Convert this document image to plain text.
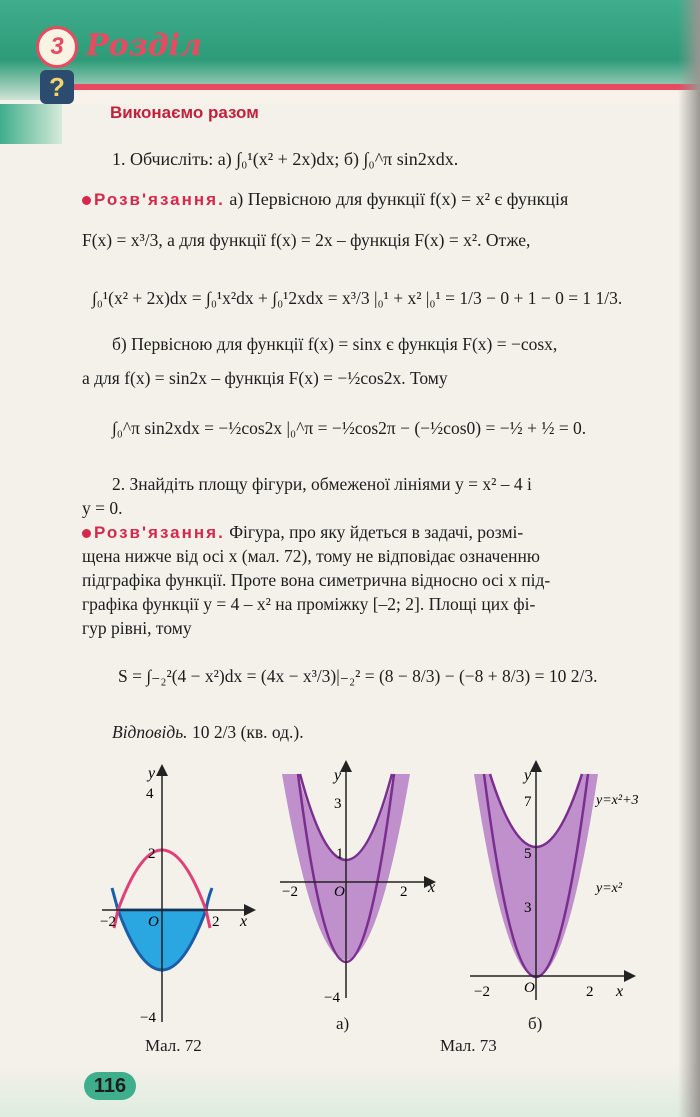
3 Розділ
?
Виконаємо разом
1. Обчисліть: а) ∫₀¹(x² + 2x)dx; б) ∫₀^π sin2xdx.
Розв'язання. а) Первісною для функції f(x) = x² є функція
F(x) = x³/3, а для функції f(x) = 2x – функція F(x) = x². Отже,
∫₀¹(x² + 2x)dx = ∫₀¹x²dx + ∫₀¹2xdx = x³/3 |₀¹ + x² |₀¹ = 1/3 − 0 + 1 − 0 = 1 1/3.
б) Первісною для функції f(x) = sinx є функція F(x) = −cosx,
а для f(x) = sin2x – функція F(x) = −½cos2x. Тому
∫₀^π sin2xdx = −½cos2x |₀^π = −½cos2π − (−½cos0) = −½ + ½ = 0.
2. Знайдіть площу фігури, обмеженої лініями y = x² – 4 і
y = 0.
Розв'язання. Фігура, про яку йдеться в задачі, розмі-
щена нижче від осі x (мал. 72), тому не відповідає означенню
підграфіка функції. Проте вона симетрична відносно осі x під-
графіка функції y = 4 – x² на проміжку [–2; 2]. Площі цих фі-
гур рівні, тому
S = ∫₋₂²(4 − x²)dx = (4x − x³/3)|₋₂² = (8 − 8/3) − (−8 + 8/3) = 10 2/3.
Відповідь. 10 2/3 (кв. од.).
y
x
4
2
−4
−2	2
O
Мал. 72
y
x
3
1
−4
−2	2
O
а)
y
x
7
5
3
−2	2
O
y=x²+3
y=x²
б)
Мал. 73
116
